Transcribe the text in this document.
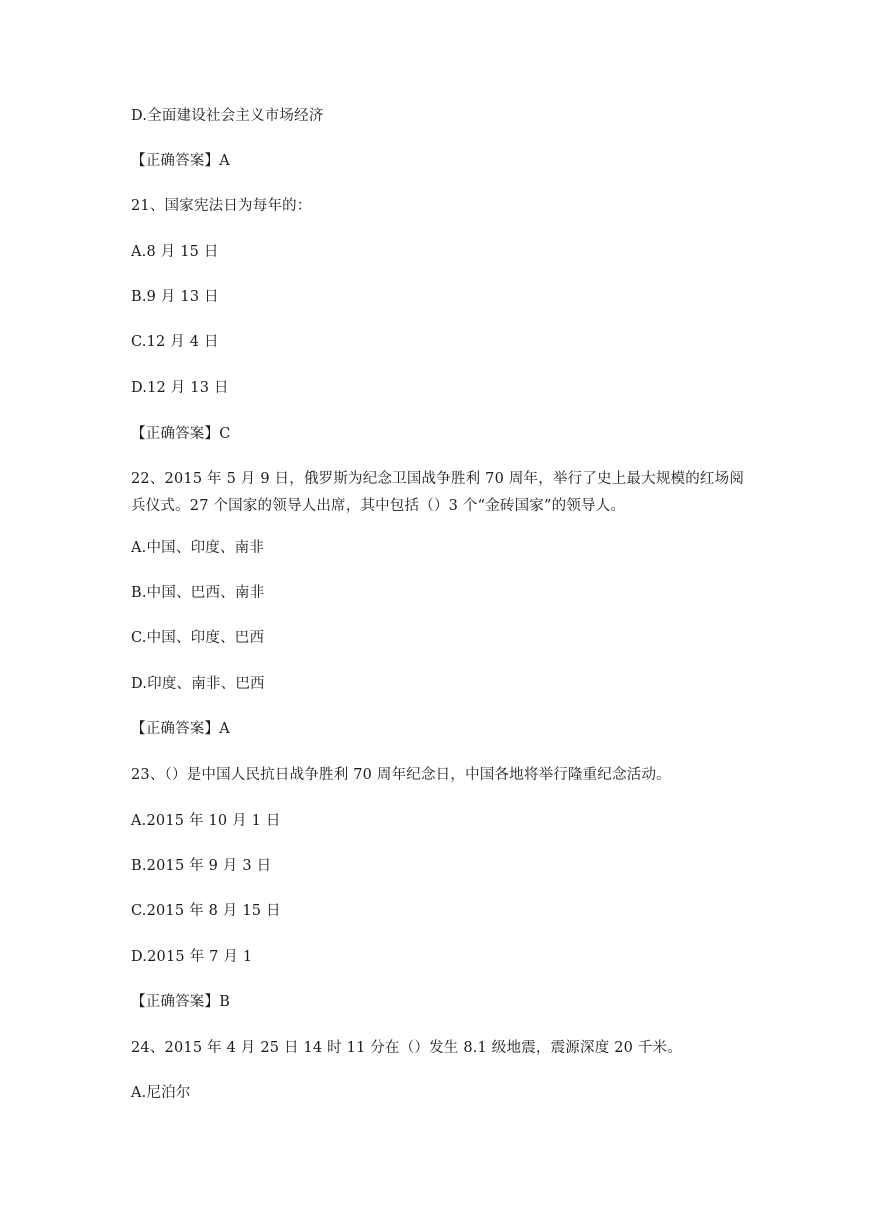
D.全面建设社会主义市场经济
【正确答案】A
21、国家宪法日为每年的：
A.8 月 15 日
B.9 月 13 日
C.12 月 4 日
D.12 月 13 日
【正确答案】C
22、2015 年 5 月 9 日，俄罗斯为纪念卫国战争胜利 70 周年，举行了史上最大规模的红场阅
兵仪式。27 个国家的领导人出席，其中包括（）3 个“金砖国家”的领导人。
A.中国、印度、南非
B.中国、巴西、南非
C.中国、印度、巴西
D.印度、南非、巴西
【正确答案】A
23、（）是中国人民抗日战争胜利 70 周年纪念日，中国各地将举行隆重纪念活动。
A.2015 年 10 月 1 日
B.2015 年 9 月 3 日
C.2015 年 8 月 15 日
D.2015 年 7 月 1
【正确答案】B
24、2015 年 4 月 25 日 14 时 11 分在（）发生 8.1 级地震，震源深度 20 千米。
A.尼泊尔
